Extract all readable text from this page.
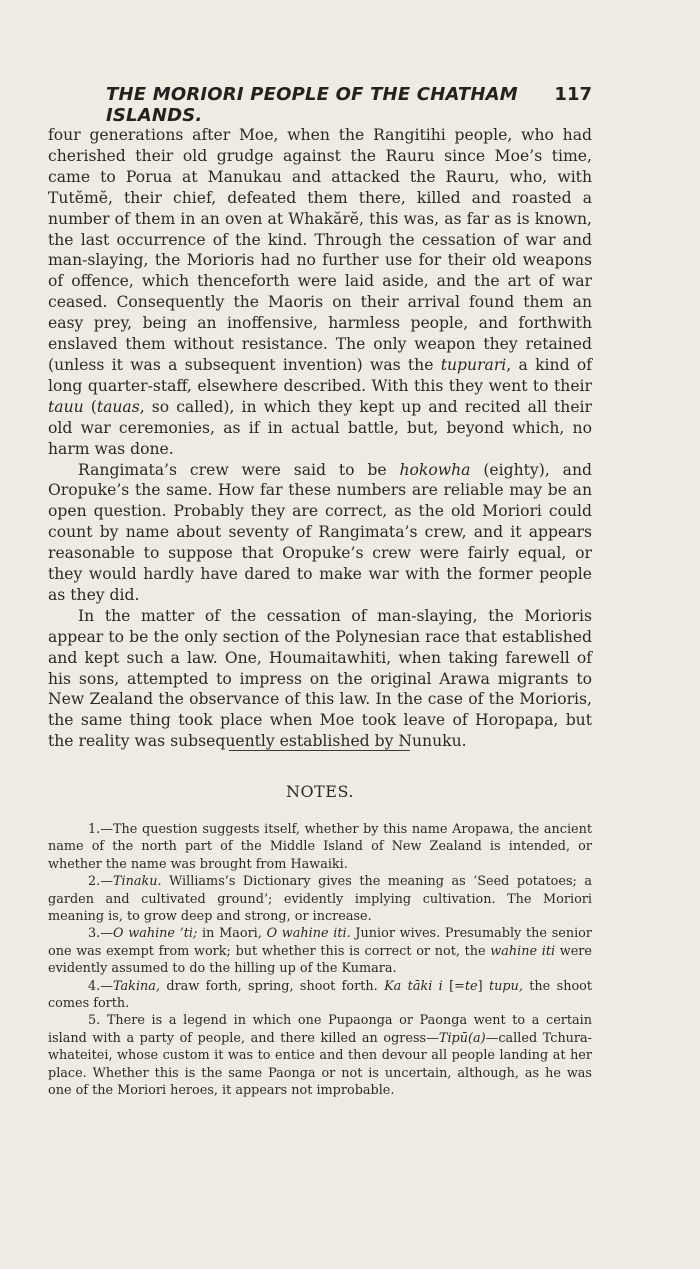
THE MORIORI PEOPLE OF THE CHATHAM ISLANDS.
117

four generations after Moe, when the Rangitihi people, who had cherished their old grudge against the Rauru since Moe’s time, came to Porua at Manukau and attacked the Rauru, who, with Tutĕmĕ, their chief, defeated them there, killed and roasted a number of them in an oven at Whakărĕ, this was, as far as is known, the last occurrence of the kind. Through the cessation of war and man-slaying, the Morioris had no further use for their old weapons of offence, which thenceforth were laid aside, and the art of war ceased. Consequently the Maoris on their arrival found them an easy prey, being an inoffensive, harmless people, and forthwith enslaved them without resistance. The only weapon they retained (unless it was a subsequent invention) was the tupurari, a kind of long quarter-staff, elsewhere described. With this they went to their tauu (tauas, so called), in which they kept up and recited all their old war ceremonies, as if in actual battle, but, beyond which, no harm was done.

Rangimata’s crew were said to be hokowha (eighty), and Oropuke’s the same. How far these numbers are reliable may be an open question. Probably they are correct, as the old Moriori could count by name about seventy of Rangimata’s crew, and it appears reasonable to suppose that Oropuke’s crew were fairly equal, or they would hardly have dared to make war with the former people as they did.

In the matter of the cessation of man-slaying, the Morioris appear to be the only section of the Polynesian race that established and kept such a law. One, Houmaitawhiti, when taking farewell of his sons, attempted to impress on the original Arawa migrants to New Zealand the observance of this law. In the case of the Morioris, the same thing took place when Moe took leave of Horopapa, but the reality was subsequently established by Nunuku.

NOTES.

1.—The question suggests itself, whether by this name Aropawa, the ancient name of the north part of the Middle Island of New Zealand is intended, or whether the name was brought from Hawaiki.

2.—Tinaku. Williams’s Dictionary gives the meaning as ‘Seed potatoes; a garden and cultivated ground’; evidently implying cultivation. The Moriori meaning is, to grow deep and strong, or increase.

3.—O wahine ’ti; in Maori, O wahine iti. Junior wives. Presumably the senior one was exempt from work; but whether this is correct or not, the wahine iti were evidently assumed to do the hilling up of the Kumara.

4.—Takina, draw forth, spring, shoot forth. Ka tāki i [=te] tupu, the shoot comes forth.

5. There is a legend in which one Pupaonga or Paonga went to a certain island with a party of people, and there killed an ogress—Tipū(a)—called Tchura-whateitei, whose custom it was to entice and then devour all people landing at her place. Whether this is the same Paonga or not is uncertain, although, as he was one of the Moriori heroes, it appears not improbable.
